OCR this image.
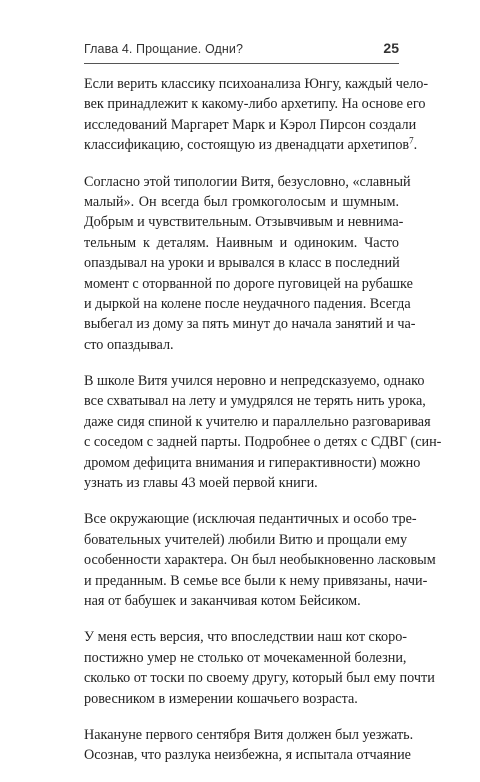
Глава 4. Прощание. Одни?	25

Если верить классику психоанализа Юнгу, каждый чело-
век принадлежит к какому-либо архетипу. На основе его
исследований Маргарет Марк и Кэрол Пирсон создали
классификацию, состоящую из двенадцати архетипов$^7$.

Согласно этой типологии Витя, безусловно, «славный
малый». Он всегда был громкоголосым и шумным.
Добрым и чувствительным. Отзывчивым и невнима-
тельным к деталям. Наивным и одиноким. Часто
опаздывал на уроки и врывался в класс в последний
момент с оторванной по дороге пуговицей на рубашке
и дыркой на колене после неудачного падения. Всегда
выбегал из дому за пять минут до начала занятий и ча-
сто опаздывал.

В школе Витя учился неровно и непредсказуемо, однако
все схватывал на лету и умудрялся не терять нить урока,
даже сидя спиной к учителю и параллельно разговаривая
с соседом с задней парты. Подробнее о детях с СДВГ (син-
дромом дефицита внимания и гиперактивности) можно
узнать из главы 43 моей первой книги.

Все окружающие (исключая педантичных и особо тре-
бовательных учителей) любили Витю и прощали ему
особенности характера. Он был необыкновенно ласковым
и преданным. В семье все были к нему привязаны, начи-
ная от бабушек и заканчивая котом Бейсиком.

У меня есть версия, что впоследствии наш кот скоро-
постижно умер не столько от мочекаменной болезни,
сколько от тоски по своему другу, который был ему почти
ровесником в измерении кошачьего возраста.

Накануне первого сентября Витя должен был уезжать.
Осознав, что разлука неизбежна, я испытала отчаяние
